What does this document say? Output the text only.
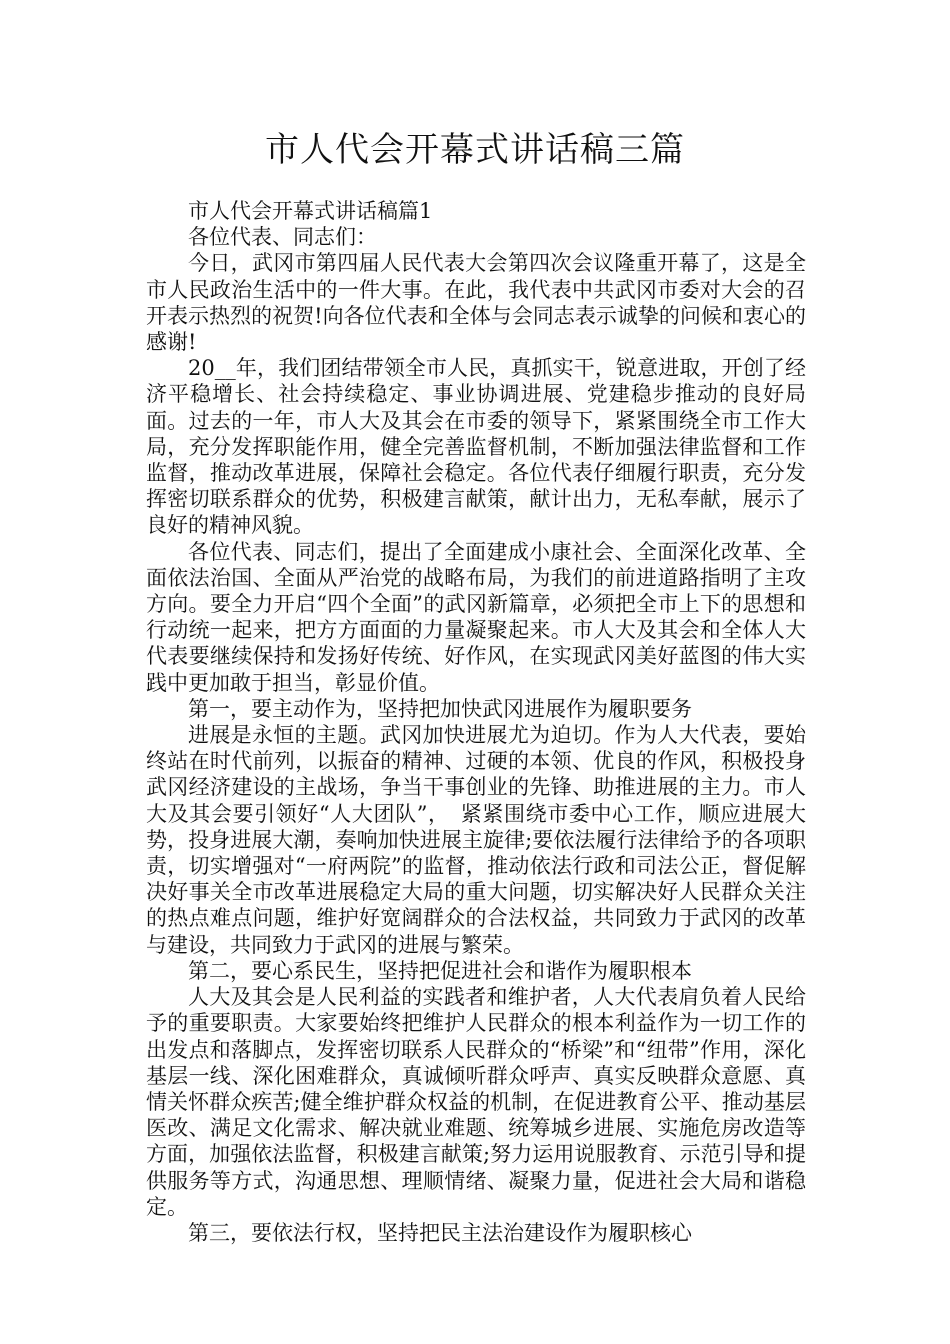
市人代会开幕式讲话稿三篇

市人代会开幕式讲话稿篇1

各位代表、同志们：

今日，武冈市第四届人民代表大会第四次会议隆重开幕了，这是全市人民政治生活中的一件大事。在此，我代表中共武冈市委对大会的召开表示热烈的祝贺!向各位代表和全体与会同志表示诚挚的问候和衷心的感谢!

20__年，我们团结带领全市人民，真抓实干，锐意进取，开创了经济平稳增长、社会持续稳定、事业协调进展、党建稳步推动的良好局面。过去的一年，市人大及其会在市委的领导下，紧紧围绕全市工作大局，充分发挥职能作用，健全完善监督机制，不断加强法律监督和工作监督，推动改革进展，保障社会稳定。各位代表仔细履行职责，充分发挥密切联系群众的优势，积极建言献策，献计出力，无私奉献，展示了良好的精神风貌。

各位代表、同志们，提出了全面建成小康社会、全面深化改革、全面依法治国、全面从严治党的战略布局，为我们的前进道路指明了主攻方向。要全力开启“四个全面”的武冈新篇章，必须把全市上下的思想和行动统一起来，把方方面面的力量凝聚起来。市人大及其会和全体人大代表要继续保持和发扬好传统、好作风，在实现武冈美好蓝图的伟大实践中更加敢于担当，彰显价值。

第一，要主动作为，坚持把加快武冈进展作为履职要务

进展是永恒的主题。武冈加快进展尤为迫切。作为人大代表，要始终站在时代前列，以振奋的精神、过硬的本领、优良的作风，积极投身武冈经济建设的主战场，争当干事创业的先锋、助推进展的主力。市人大及其会要引领好“人大团队”，　紧紧围绕市委中心工作，顺应进展大势，投身进展大潮，奏响加快进展主旋律;要依法履行法律给予的各项职责，切实增强对“一府两院”的监督，推动依法行政和司法公正，督促解决好事关全市改革进展稳定大局的重大问题，切实解决好人民群众关注的热点难点问题，维护好宽阔群众的合法权益，共同致力于武冈的改革与建设，共同致力于武冈的进展与繁荣。

第二，要心系民生，坚持把促进社会和谐作为履职根本

人大及其会是人民利益的实践者和维护者，人大代表肩负着人民给予的重要职责。大家要始终把维护人民群众的根本利益作为一切工作的出发点和落脚点，发挥密切联系人民群众的“桥梁”和“纽带”作用，深化基层一线、深化困难群众，真诚倾听群众呼声、真实反映群众意愿、真情关怀群众疾苦;健全维护群众权益的机制，在促进教育公平、推动基层医改、满足文化需求、解决就业难题、统筹城乡进展、实施危房改造等方面，加强依法监督，积极建言献策;努力运用说服教育、示范引导和提供服务等方式，沟通思想、理顺情绪、凝聚力量，促进社会大局和谐稳定。

第三，要依法行权，坚持把民主法治建设作为履职核心
